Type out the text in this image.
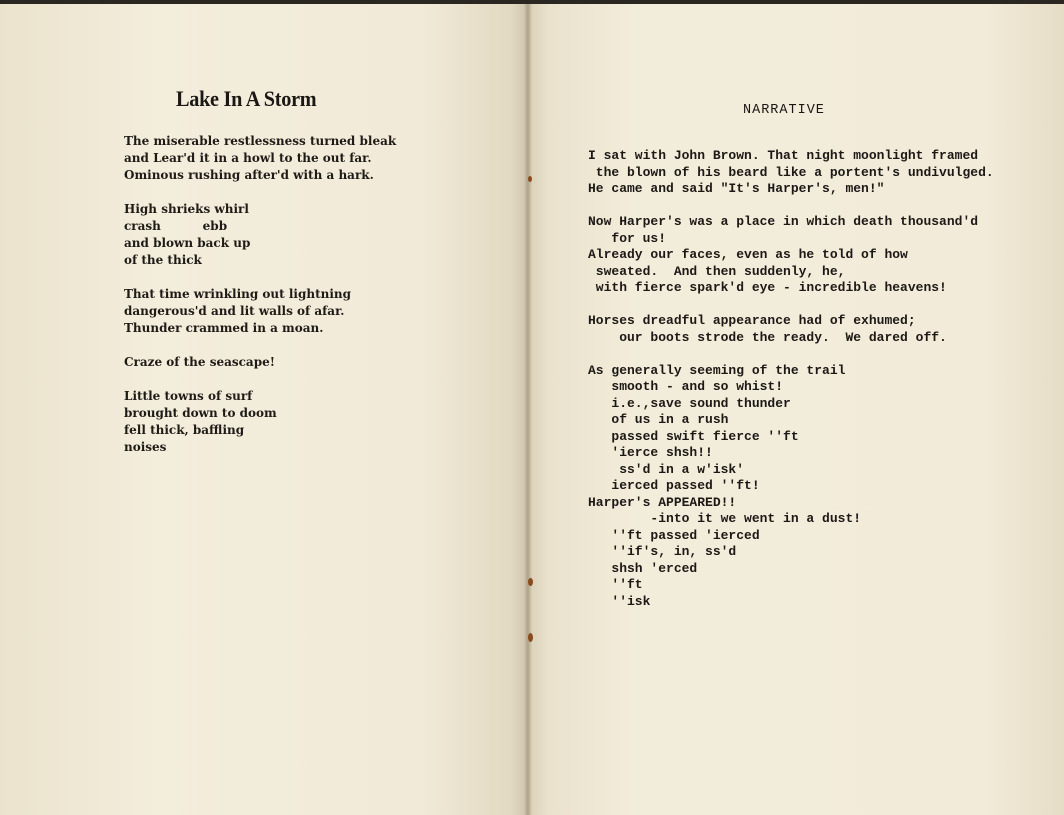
Lake In A Storm
The miserable restlessness turned bleak
and Lear'd it in a howl to the out far.
Ominous rushing after'd with a hark.
High shrieks whirl
crash          ebb
and blown back up
of the thick
That time wrinkling out lightning
dangerous'd and lit walls of afar.
Thunder crammed in a moan.
Craze of the seascape!
Little towns of surf
brought down to doom
fell thick, baffling
noises
NARRATIVE
I sat with John Brown. That night moonlight framed
the blown of his beard like a portent's undivulged.
He came and said "It's Harper's, men!"
Now Harper's was a place in which death thousand'd
for us!
Already our faces, even as he told of how
sweated.  And then suddenly, he,
with fierce spark'd eye - incredible heavens!
Horses dreadful appearance had of exhumed;
our boots strode the ready.  We dared off.
As generally seeming of the trail
smooth - and so whist!
i.e.,save sound thunder
of us in a rush
passed swift fierce ''ft
'ierce shsh!!
ss'd in a w'isk'
ierced passed ''ft!
Harper's APPEARED!!
-into it we went in a dust!
''ft passed 'ierced
''if's, in, ss'd
shsh 'erced
''ft
''isk
